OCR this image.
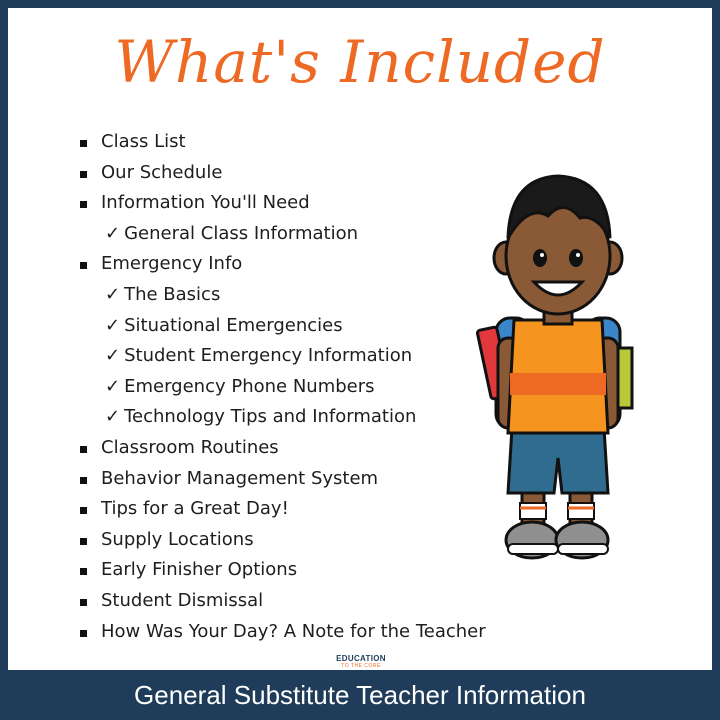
What's Included
Class List
Our Schedule
Information You'll Need
✓ General Class Information
Emergency Info
✓ The Basics
✓ Situational Emergencies
✓ Student Emergency Information
✓ Emergency Phone Numbers
✓ Technology Tips and Information
Classroom Routines
Behavior Management System
Tips for a Great Day!
Supply Locations
Early Finisher Options
Student Dismissal
How Was Your Day? A Note for the Teacher
EDUCATION
TO THE CORE
General Substitute Teacher Information
